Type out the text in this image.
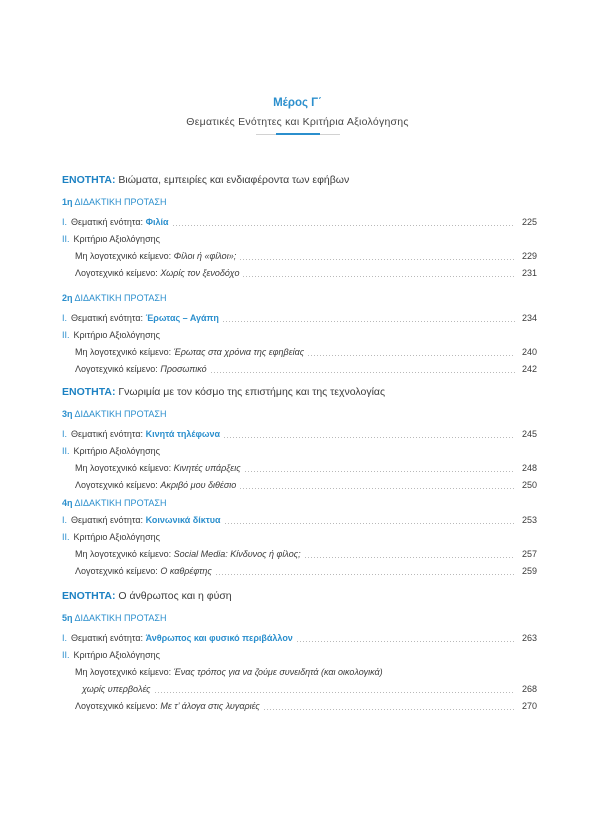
Μέρος Γ΄
Θεματικές Ενότητες και Κριτήρια Αξιολόγησης
ΕΝΟΤΗΤΑ: Βιώματα, εμπειρίες και ενδιαφέροντα των εφήβων
1η ΔΙΔΑΚΤΙΚΗ ΠΡΟΤΑΣΗ
I. Θεματική ενότητα: Φιλία	225
II. Κριτήριο Αξιολόγησης
Μη λογοτεχνικό κείμενο: Φίλοι ή «φίλοι»;	229
Λογοτεχνικό κείμενο: Χωρίς τον ξενοδόχο	231
2η ΔΙΔΑΚΤΙΚΗ ΠΡΟΤΑΣΗ
I. Θεματική ενότητα: Έρωτας – Αγάπη	234
II. Κριτήριο Αξιολόγησης
Μη λογοτεχνικό κείμενο: Έρωτας στα χρόνια της εφηβείας	240
Λογοτεχνικό κείμενο: Προσωπικό	242
ΕΝΟΤΗΤΑ: Γνωριμία με τον κόσμο της επιστήμης και της τεχνολογίας
3η ΔΙΔΑΚΤΙΚΗ ΠΡΟΤΑΣΗ
I. Θεματική ενότητα: Κινητά τηλέφωνα	245
II. Κριτήριο Αξιολόγησης
Μη λογοτεχνικό κείμενο: Κινητές υπάρξεις	248
Λογοτεχνικό κείμενο: Ακριβό μου διθέσιο	250
4η ΔΙΔΑΚΤΙΚΗ ΠΡΟΤΑΣΗ
I. Θεματική ενότητα: Κοινωνικά δίκτυα	253
II. Κριτήριο Αξιολόγησης
Μη λογοτεχνικό κείμενο: Social Media: Κίνδυνος ή φίλος;	257
Λογοτεχνικό κείμενο: Ο καθρέφτης	259
ΕΝΟΤΗΤΑ: Ο άνθρωπος και η φύση
5η ΔΙΔΑΚΤΙΚΗ ΠΡΟΤΑΣΗ
I. Θεματική ενότητα: Άνθρωπος και φυσικό περιβάλλον	263
II. Κριτήριο Αξιολόγησης
Μη λογοτεχνικό κείμενο: Ένας τρόπος για να ζούμε συνειδητά (και οικολογικά)
χωρίς υπερβολές	268
Λογοτεχνικό κείμενο: Με τ’ άλογα στις λυγαριές	270
